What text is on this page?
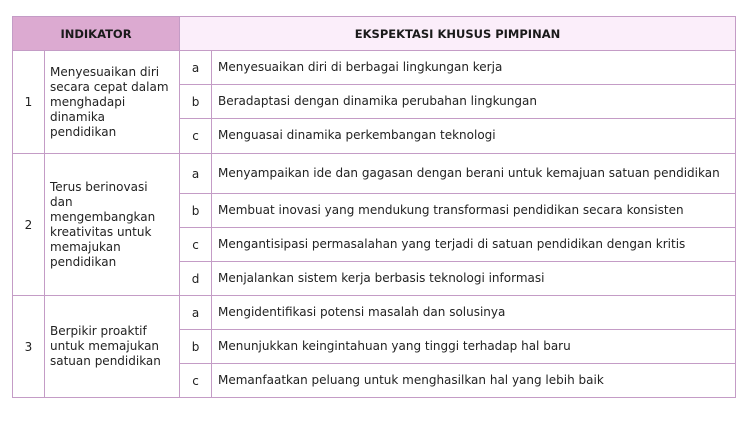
INDIKATOR		EKSPEKTASI KHUSUS PIMPINAN	
1	Menyesuaikan diri secara cepat dalam menghadapi dinamika pendidikan	a	Menyesuaikan diri di berbagai lingkungan kerja
		b	Beradaptasi dengan dinamika perubahan lingkungan
		c	Menguasai dinamika perkembangan teknologi
2	Terus berinovasi dan mengembangkan kreativitas untuk memajukan pendidikan	a	Menyampaikan ide dan gagasan dengan berani untuk kemajuan satuan pendidikan
		b	Membuat inovasi yang mendukung transformasi pendidikan secara konsisten
		c	Mengantisipasi permasalahan yang terjadi di satuan pendidikan dengan kritis
		d	Menjalankan sistem kerja berbasis teknologi informasi
3	Berpikir proaktif untuk memajukan satuan pendidikan	a	Mengidentifikasi potensi masalah dan solusinya
		b	Menunjukkan keingintahuan yang tinggi terhadap hal baru
		c	Memanfaatkan peluang untuk menghasilkan hal yang lebih baik
